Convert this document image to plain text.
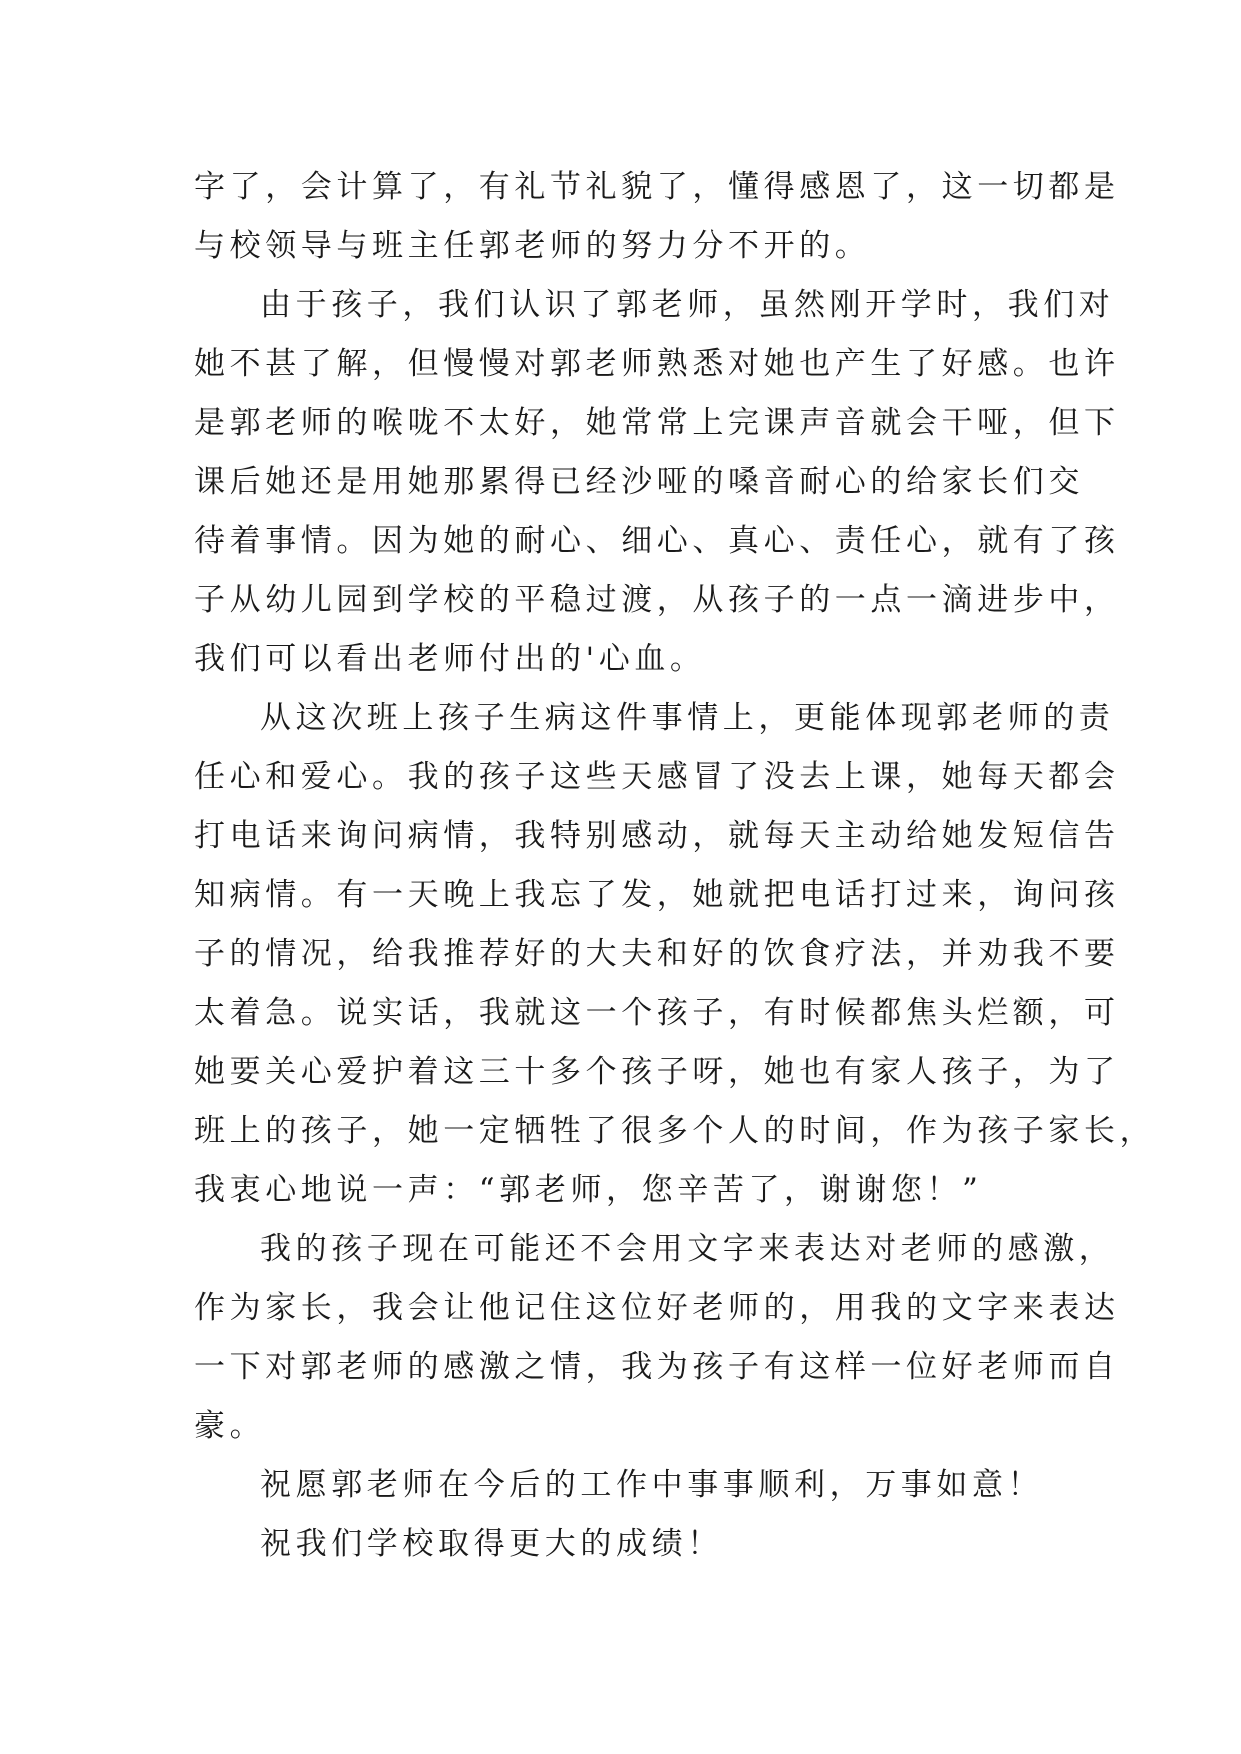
字了，会计算了，有礼节礼貌了，懂得感恩了，这一切都是
与校领导与班主任郭老师的努力分不开的。
由于孩子，我们认识了郭老师，虽然刚开学时，我们对
她不甚了解，但慢慢对郭老师熟悉对她也产生了好感。也许
是郭老师的喉咙不太好，她常常上完课声音就会干哑，但下
课后她还是用她那累得已经沙哑的嗓音耐心的给家长们交
待着事情。因为她的耐心、细心、真心、责任心，就有了孩
子从幼儿园到学校的平稳过渡，从孩子的一点一滴进步中，
我们可以看出老师付出的'心血。
从这次班上孩子生病这件事情上，更能体现郭老师的责
任心和爱心。我的孩子这些天感冒了没去上课，她每天都会
打电话来询问病情，我特别感动，就每天主动给她发短信告
知病情。有一天晚上我忘了发，她就把电话打过来，询问孩
子的情况，给我推荐好的大夫和好的饮食疗法，并劝我不要
太着急。说实话，我就这一个孩子，有时候都焦头烂额，可
她要关心爱护着这三十多个孩子呀，她也有家人孩子，为了
班上的孩子，她一定牺牲了很多个人的时间，作为孩子家长，
我衷心地说一声：“郭老师，您辛苦了，谢谢您！”
我的孩子现在可能还不会用文字来表达对老师的感激，
作为家长，我会让他记住这位好老师的，用我的文字来表达
一下对郭老师的感激之情，我为孩子有这样一位好老师而自
豪。
祝愿郭老师在今后的工作中事事顺利，万事如意！
祝我们学校取得更大的成绩！
